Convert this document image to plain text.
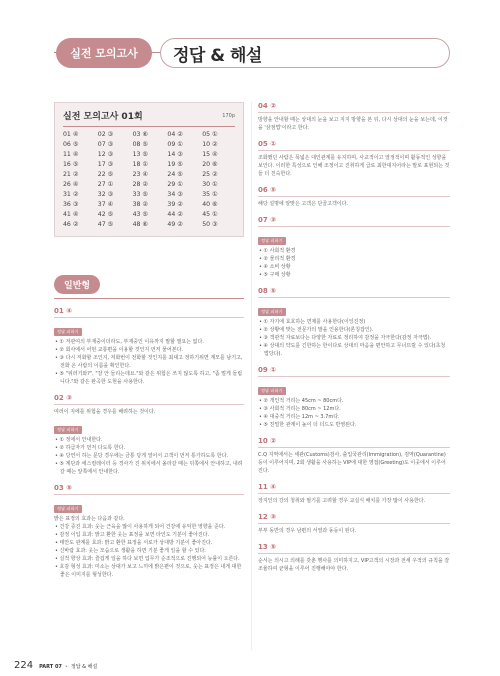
실전 모의고사	정답 & 해설
실전 모의고사 01회	170p
01 ④	02 ③	03 ⑥	04 ②	05 ①
06 ⑤	07 ③	08 ⑤	09 ①	10 ②
11 ④	12 ③	13 ⑤	14 ③	15 ④
16 ⑤	17 ③	18 ①	19 ⑤	20 ⑥
21 ②	22 ⑤	23 ④	24 ⑤	25 ②
26 ④	27 ①	28 ②	29 ①	30 ①
31 ②	32 ③	33 ⑤	34 ③	35 ①
36 ③	37 ④	38 ②	39 ②	40 ⑥
41 ④	42 ⑤	43 ⑤	44 ②	45 ①
46 ②	47 ⑤	48 ⑥	49 ②	50 ③
일반형
01 ④
정답 피하기
• ① 저관여의 부재중이더라도, 부재중인 이유까지 말할 필요는 없다.
• ② 회사에서 어떤 교통편을 이용할 것인지 먼저 물어본다.
• ③ 다시 저화할 조인지, 저화번이 전화할 것인지를 최대고 정하기위면 계모를 남기고, 전화 온 사람의 이름을 확인한다.
• ⑤ "위러기와?", "잘 안 들리는데요."와 같은 위험은 쓰지 않도록 하고, "좀 멀게 들립니다."와 같은 완곡한 도현을 사용한다.
02 ③
여러이 지에를 위험을 경우를 배려하는 것이다.
정답 피하기
• ① 정에서 안내한다.
• ② 하급자가 먼저 다도록 한다.
• ④ 당연서 하는 문당 경우에는 금통 당게 열어서 고객이 먼저 통가하도록 한다.
• ⑤ 계단과 에스컬레이터 등 경사가 진 위치에서 올라갈 때는 뒤쪽에서 안내하고, 내려갈 때는 앞쪽에서 안내한다.
03 ⑤
정답 피하기
밝은 표정의 효과는 다음과 같다.
• 건강 증진 효과: 웃는 근육을 많이 사용하게 되어 건강에 유익한 영향을 준다.
• 감정 이입 효과: 밝고 환한 웃는 표정을 보면 타인도 기분이 좋아진다.
• 태안도 관계를 효과: 밝고 환한 표정을 서로가 상대방 기분이 좋아진다.
• 신바람 효과: 웃는 모습으로 생활을 하면 기분 좋게 일을 할 수 있다.
• 실적 향상 효과: 즐겁게 일을 하다 보면 업무가 순조적으로 진행되어 능률이 오른다.
• 호감 형성 효과: 미소는 상대가 보고 느끼에 밝은편이 것으로, 웃는 표정은 내게 대한 좋은 이미지를 형성한다.
04 ②
방향을 안내할 때는 상대의 눈을 보고 지지 방향을 본 뒤, 다시 상대의 눈을 보는데, 이것을 '삼점법'이라고 한다.
05 ①
조화했던 사람은 폭넓은 대인관계를 유지하며, 사교적이고 열정적이며 활동적인 성향을 보인다. 이러한 특성으로 인해 조정이고 진취하게 급로 최한대지어라는 말로 표현되는 것들 더 친숙한다.
06 ⑤
해당 설명에 알맞은 고객은 단골고객이다.
07 ③
정답 피하기
• ① 사회적 환경
• ② 물리적 환경
• ④ 소비 상황
• ⑤ 구매 상황
08 ⑤
정답 피하기
• ① 자기에 효호하는 면제를 사용한다(이잉진정)
• ② 상황에 맞는 전문가의 말을 인용한다(론칭잡인).
• ③ 객관적 자료보다는 다양한 자료로 정리하여 감정을 자극한다(감정 자극법).
• ④ 상대의 약도를 긴한하는 한이다로 상대의 마음을 편안하고 무너뜨릴 수 있다(초청법당다).
09 ①
정답 피하기
• ② 개인적 거리는 45cm ~ 80cm다.
• ③ 사회적 거리는 80cm ~ 12m다.
• ④ 대중적 거리는 12m ~ 3.7m다.
• ⑤ 친밀한 관계이 높이 더 더드도 반영된다.
10 ②
C.Q 지역에서는 세관(Customs)검사, 출입국관리(Immigration), 검역(Quarantine)등이 이루어지며, 2회 생활을 사용하는 VIP에 대한 영접(Greeting)도 이곳에서 이루어진다.
11 ④
장지인의 강의 청취와 필기를 고려할 경우 교실식 배치를 가장 많이 사용한다.
12 ③
부부 동반의 경우 남편의 서열과 동등이 된다.
13 ⑤
순서는 의시고 의례를 갖춘 행사를 의미하지고, VIP고객의 시장과 전세 우적의 규칙을 잘 조율하여 균형을 이루어 진행해야야 한다.
224 PART 07 • 정답 & 해설
